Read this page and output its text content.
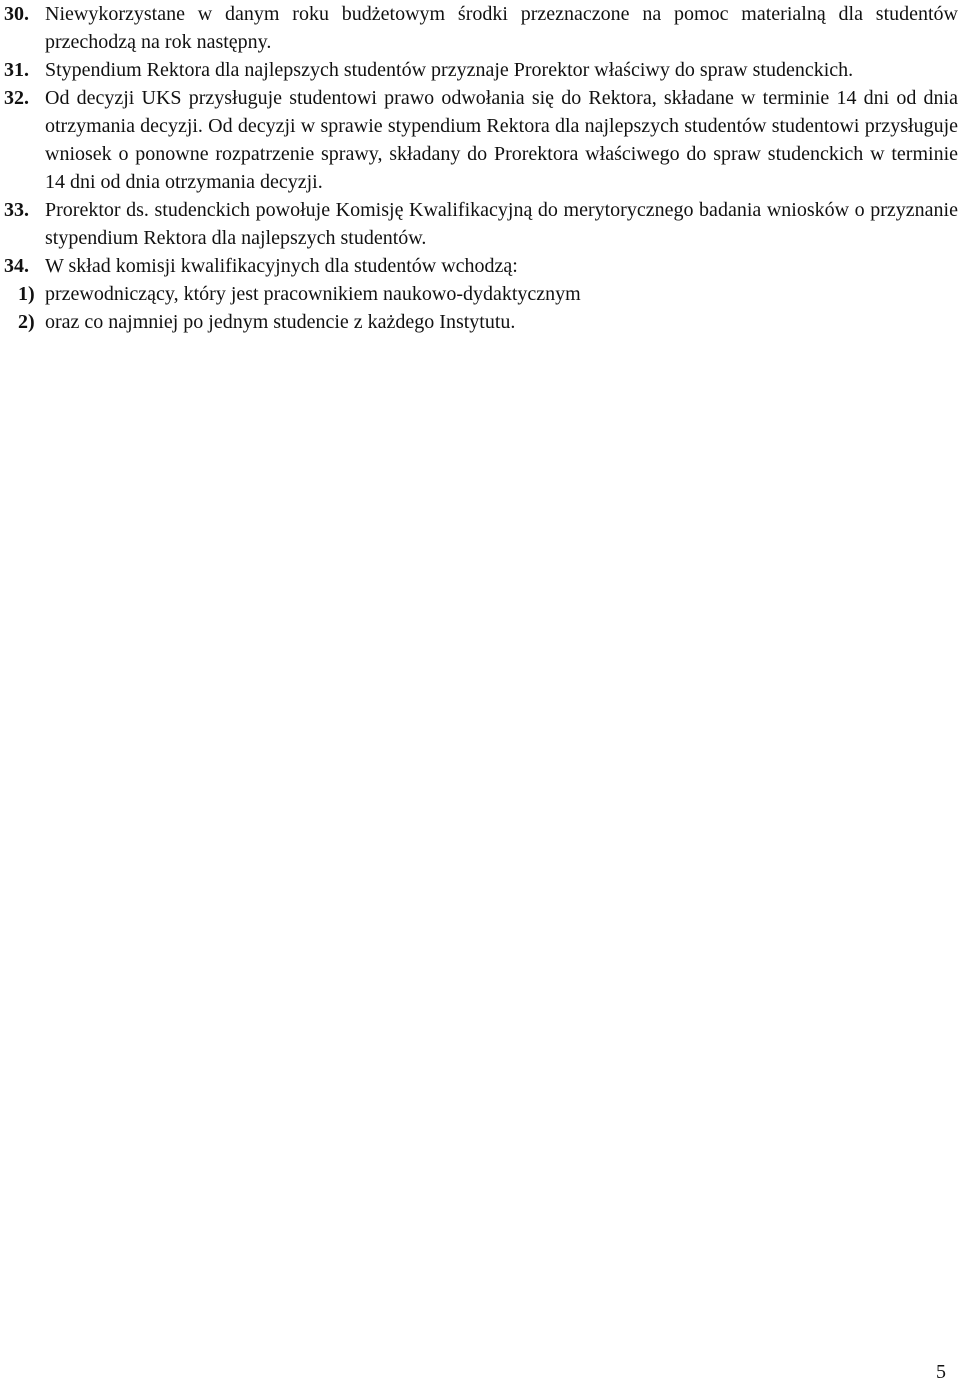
30. Niewykorzystane w danym roku budżetowym środki przeznaczone na pomoc materialną dla studentów przechodzą na rok następny.

31. Stypendium Rektora dla najlepszych studentów przyznaje Prorektor właściwy do spraw studenckich.

32. Od decyzji UKS przysługuje studentowi prawo odwołania się do Rektora, składane w terminie 14 dni od dnia otrzymania decyzji. Od decyzji w sprawie stypendium Rektora dla najlepszych studentów studentowi przysługuje wniosek o ponowne rozpatrzenie sprawy, składany do Prorektora właściwego do spraw studenckich w terminie 14 dni od dnia otrzymania decyzji.

33. Prorektor ds. studenckich powołuje Komisję Kwalifikacyjną do merytorycznego badania wniosków o przyznanie stypendium Rektora dla najlepszych studentów.

34. W skład komisji kwalifikacyjnych dla studentów wchodzą:

1) przewodniczący, który jest pracownikiem naukowo-dydaktycznym

2) oraz co najmniej po jednym studencie z każdego Instytutu.

5
